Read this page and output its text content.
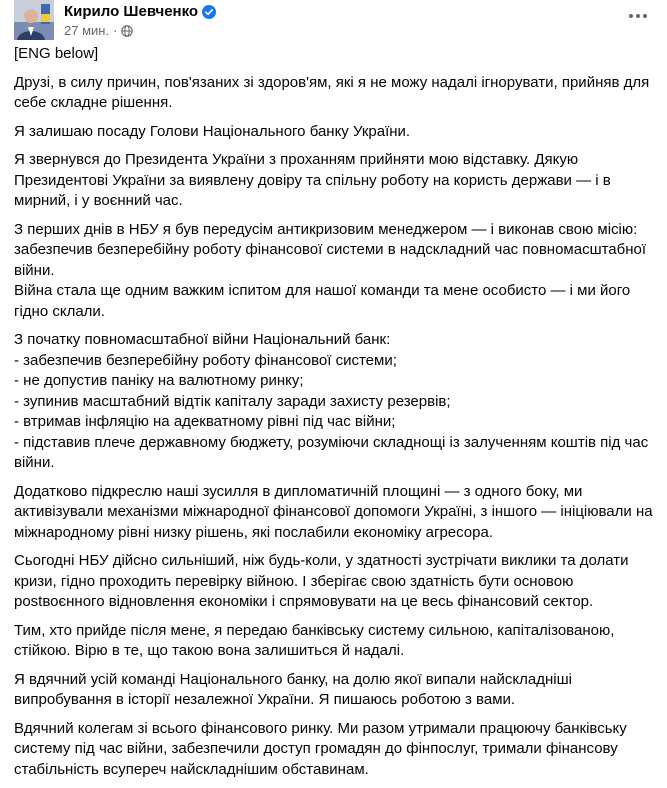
Кирило Шевченко
27 мин. ·

[ENG below]

Друзі, в силу причин, пов'язаних зі здоров'ям, які я не можу надалі ігнорувати, прийняв для себе складне рішення.

Я залишаю посаду Голови Національного банку України.

Я звернувся до Президента України з проханням прийняти мою відставку. Дякую Президентові України за виявлену довіру та спільну роботу на користь держави — і в мирний, і у воєнний час.

З перших днів в НБУ я був передусім антикризовим менеджером — і виконав свою місію: забезпечив безперебійну роботу фінансової системи в надскладний час повномасштабної війни.
Війна стала ще одним важким іспитом для нашої команди та мене особисто — і ми його гідно склали.

З початку повномасштабної війни Національний банк:
- забезпечив безперебійну роботу фінансової системи;
- не допустив паніку на валютному ринку;
- зупинив масштабний відтік капіталу заради захисту резервів;
- втримав інфляцію на адекватному рівні під час війни;
- підставив плече державному бюджету, розуміючи складнощі із залученням коштів під час війни.

Додатково підкреслю наші зусилля в дипломатичній площині — з одного боку, ми активізували механізми міжнародної фінансової допомоги Україні, з іншого — ініціювали на міжнародному рівні низку рішень, які послабили економіку агресора.

Сьогодні НБУ дійсно сильніший, ніж будь-коли, у здатності зустрічати виклики та долати кризи, гідно проходить перевірку війною. І зберігає свою здатність бути основою postвоєнного відновлення економіки і спрямовувати на це весь фінансовий сектор.

Тим, хто прийде після мене, я передаю банківську систему сильною, капіталізованою, стійкою. Вірю в те, що такою вона залишиться й надалі.

Я вдячний усій команді Національного банку, на долю якої випали найскладніші випробування в історії незалежної України. Я пишаюсь роботою з вами.

Вдячний колегам зі всього фінансового ринку. Ми разом утримали працюючу банківську систему під час війни, забезпечили доступ громадян до фінпослуг, тримали фінансову стабільність всупереч найскладнішим обставинам.
